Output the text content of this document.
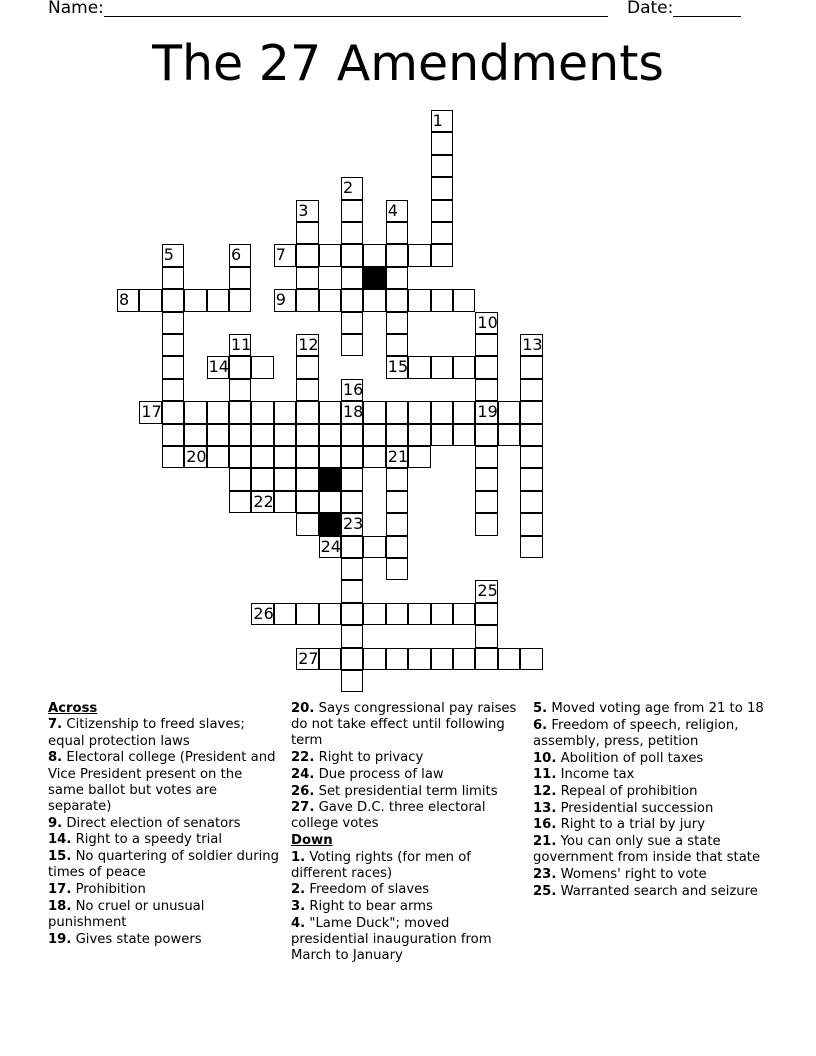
Name:	Date:
The 27 Amendments
1
2
3	4
5	6 7
8	9
10
11	12	13
14	15
16
17	18	19
20	21
22
23
24
25
26
27
Across
7. Citizenship to freed slaves; equal protection laws
8. Electoral college (President and Vice President present on the same ballot but votes are separate)
9. Direct election of senators
14. Right to a speedy trial
15. No quartering of soldier during times of peace
17. Prohibition
18. No cruel or unusual punishment
19. Gives state powers
20. Says congressional pay raises do not take effect until following term
22. Right to privacy
24. Due process of law
26. Set presidential term limits
27. Gave D.C. three electoral college votes
Down
1. Voting rights (for men of different races)
2. Freedom of slaves
3. Right to bear arms
4. "Lame Duck"; moved presidential inauguration from March to January
5. Moved voting age from 21 to 18
6. Freedom of speech, religion, assembly, press, petition
10. Abolition of poll taxes
11. Income tax
12. Repeal of prohibition
13. Presidential succession
16. Right to a trial by jury
21. You can only sue a state government from inside that state
23. Womens' right to vote
25. Warranted search and seizure
